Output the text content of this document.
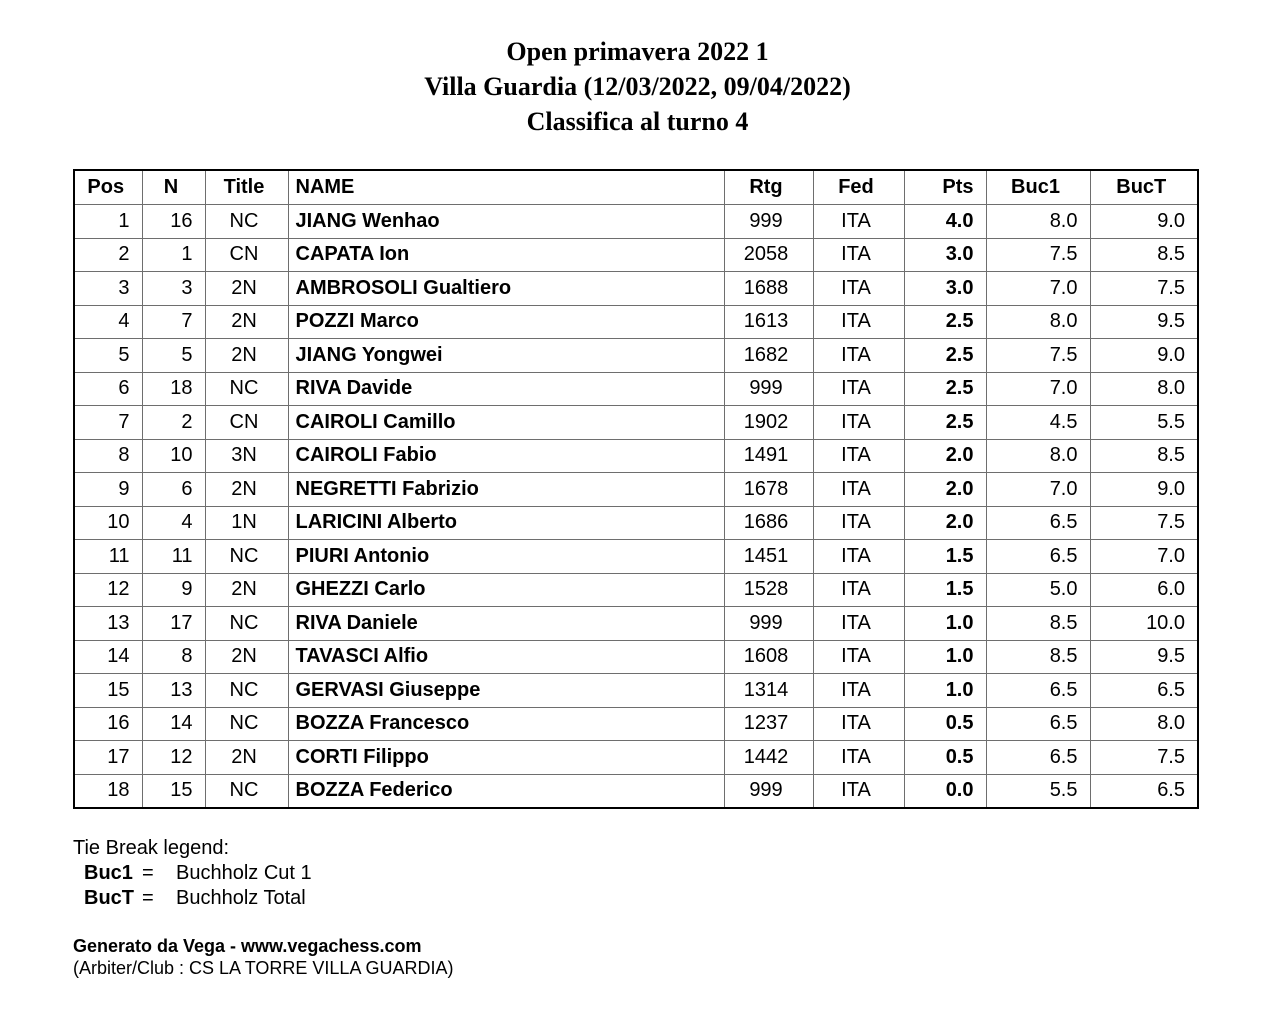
Open primavera 2022 1
Villa Guardia (12/03/2022, 09/04/2022)
Classifica al turno 4
Pos	N	Title	NAME	Rtg	Fed	Pts	Buc1	BucT
1	16	NC	JIANG Wenhao	999	ITA	4.0	8.0	9.0
2	1	CN	CAPATA Ion	2058	ITA	3.0	7.5	8.5
3	3	2N	AMBROSOLI Gualtiero	1688	ITA	3.0	7.0	7.5
4	7	2N	POZZI Marco	1613	ITA	2.5	8.0	9.5
5	5	2N	JIANG Yongwei	1682	ITA	2.5	7.5	9.0
6	18	NC	RIVA Davide	999	ITA	2.5	7.0	8.0
7	2	CN	CAIROLI Camillo	1902	ITA	2.5	4.5	5.5
8	10	3N	CAIROLI Fabio	1491	ITA	2.0	8.0	8.5
9	6	2N	NEGRETTI Fabrizio	1678	ITA	2.0	7.0	9.0
10	4	1N	LARICINI Alberto	1686	ITA	2.0	6.5	7.5
11	11	NC	PIURI Antonio	1451	ITA	1.5	6.5	7.0
12	9	2N	GHEZZI Carlo	1528	ITA	1.5	5.0	6.0
13	17	NC	RIVA Daniele	999	ITA	1.0	8.5	10.0
14	8	2N	TAVASCI Alfio	1608	ITA	1.0	8.5	9.5
15	13	NC	GERVASI Giuseppe	1314	ITA	1.0	6.5	6.5
16	14	NC	BOZZA Francesco	1237	ITA	0.5	6.5	8.0
17	12	2N	CORTI Filippo	1442	ITA	0.5	6.5	7.5
18	15	NC	BOZZA Federico	999	ITA	0.0	5.5	6.5
Tie Break legend:
Buc1 = Buchholz Cut 1
BucT = Buchholz Total
Generato da Vega - www.vegachess.com
(Arbiter/Club : CS LA TORRE VILLA GUARDIA)
